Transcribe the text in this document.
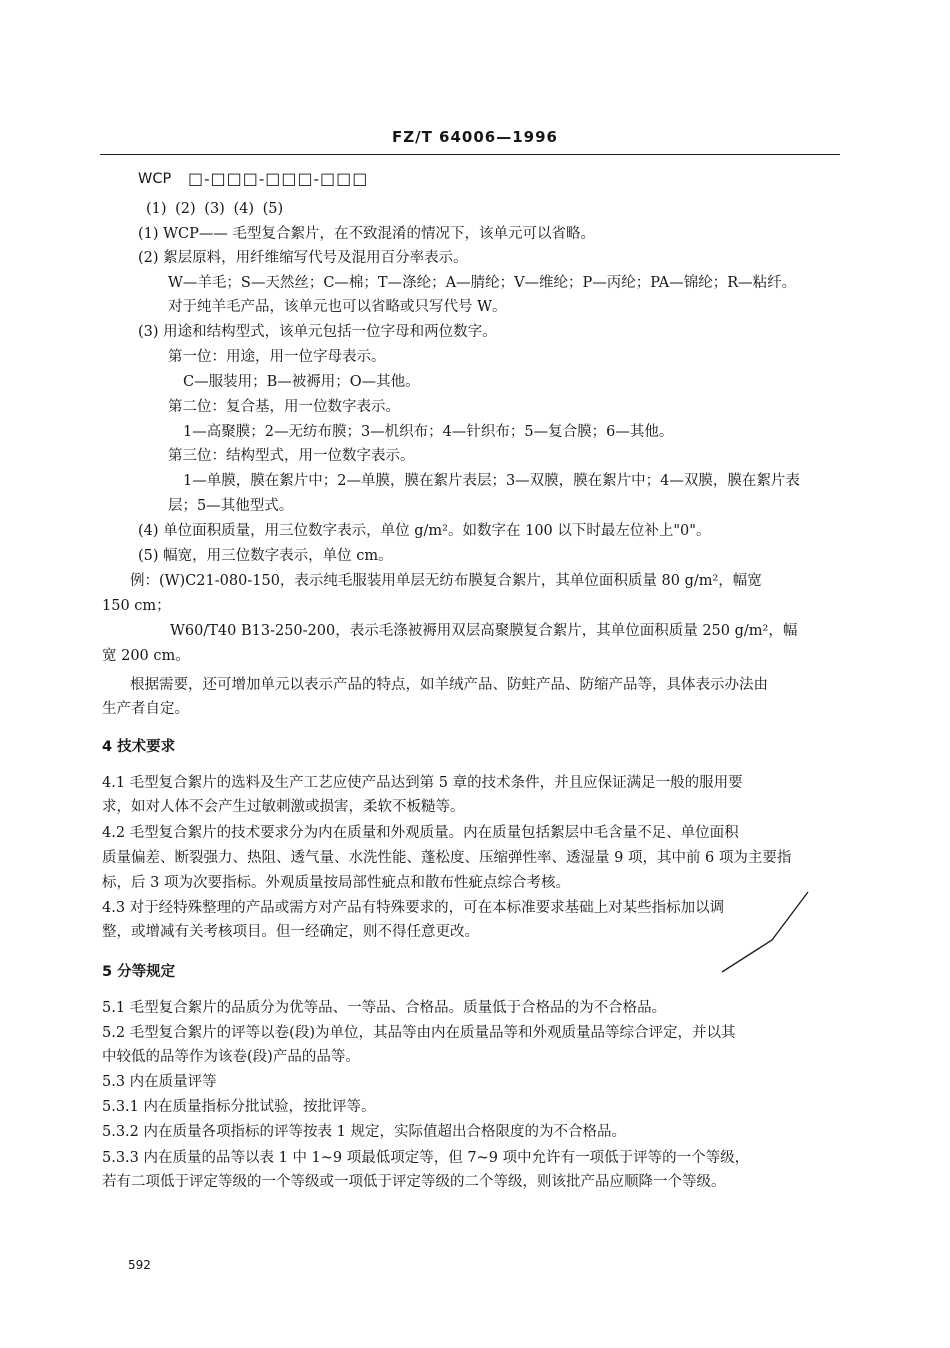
FZ/T 64006—1996
WCP □-□□□-□□□-□□□
(1) (2) (3) (4) (5)
(1) WCP—— 毛型复合絮片，在不致混淆的情况下，该单元可以省略。
(2) 絮层原料，用纤维缩写代号及混用百分率表示。
W—羊毛；S—天然丝；C—棉；T—涤纶；A—腈纶；V—维纶；P—丙纶；PA—锦纶；R—粘纤。
对于纯羊毛产品，该单元也可以省略或只写代号 W。
(3) 用途和结构型式，该单元包括一位字母和两位数字。
第一位：用途，用一位字母表示。
C—服装用；B—被褥用；O—其他。
第二位：复合基，用一位数字表示。
1—高聚膜；2—无纺布膜；3—机织布；4—针织布；5—复合膜；6—其他。
第三位：结构型式，用一位数字表示。
1—单膜，膜在絮片中；2—单膜，膜在絮片表层；3—双膜，膜在絮片中；4—双膜，膜在絮片表
层；5—其他型式。
(4) 单位面积质量，用三位数字表示，单位 g/m²。如数字在 100 以下时最左位补上"0"。
(5) 幅宽，用三位数字表示，单位 cm。
例：(W)C21-080-150，表示纯毛服装用单层无纺布膜复合絮片，其单位面积质量 80 g/m²，幅宽
150 cm；
W60/T40 B13-250-200，表示毛涤被褥用双层高聚膜复合絮片，其单位面积质量 250 g/m²，幅
宽 200 cm。
根据需要，还可增加单元以表示产品的特点，如羊绒产品、防蛀产品、防缩产品等，具体表示办法由
生产者自定。
4 技术要求
4.1 毛型复合絮片的选料及生产工艺应使产品达到第 5 章的技术条件，并且应保证满足一般的服用要
求，如对人体不会产生过敏刺激或损害，柔软不板糙等。
4.2 毛型复合絮片的技术要求分为内在质量和外观质量。内在质量包括絮层中毛含量不足、单位面积
质量偏差、断裂强力、热阻、透气量、水洗性能、蓬松度、压缩弹性率、透湿量 9 项，其中前 6 项为主要指
标，后 3 项为次要指标。外观质量按局部性疵点和散布性疵点综合考核。
4.3 对于经特殊整理的产品或需方对产品有特殊要求的，可在本标准要求基础上对某些指标加以调
整，或增减有关考核项目。但一经确定，则不得任意更改。
5 分等规定
5.1 毛型复合絮片的品质分为优等品、一等品、合格品。质量低于合格品的为不合格品。
5.2 毛型复合絮片的评等以卷(段)为单位，其品等由内在质量品等和外观质量品等综合评定，并以其
中较低的品等作为该卷(段)产品的品等。
5.3 内在质量评等
5.3.1 内在质量指标分批试验，按批评等。
5.3.2 内在质量各项指标的评等按表 1 规定，实际值超出合格限度的为不合格品。
5.3.3 内在质量的品等以表 1 中 1~9 项最低项定等，但 7~9 项中允许有一项低于评等的一个等级，
若有二项低于评定等级的一个等级或一项低于评定等级的二个等级，则该批产品应顺降一个等级。
592
